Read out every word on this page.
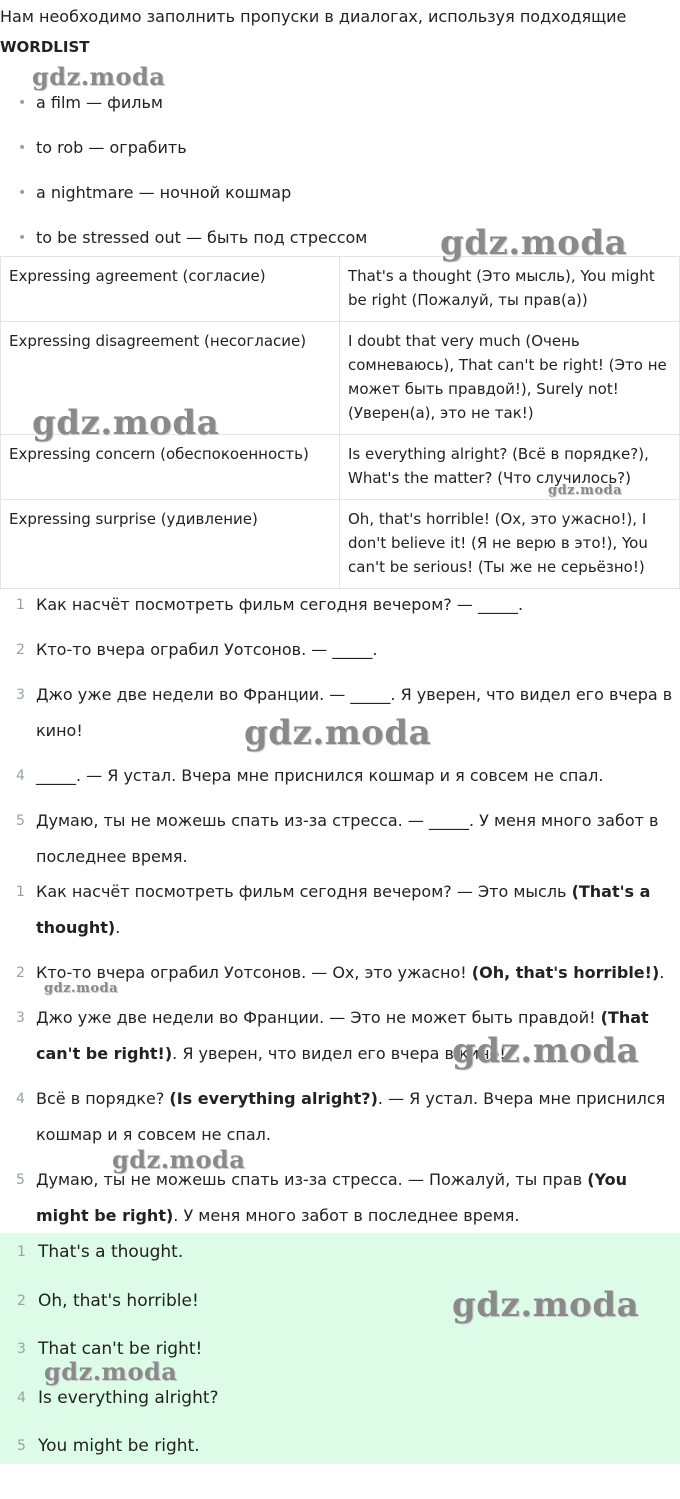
Нам необходимо заполнить пропуски в диалогах, используя подходящие
WORDLIST
• a film — фильм
• to rob — ограбить
• a nightmare — ночной кошмар
• to be stressed out — быть под стрессом
Expressing agreement (согласие)	That's a thought (Это мысль), You might be right (Пожалуй, ты прав(а))
Expressing disagreement (несогласие)	I doubt that very much (Очень сомневаюсь), That can't be right! (Это не может быть правдой!), Surely not! (Уверен(а), это не так!)
Expressing concern (обеспокоенность)	Is everything alright? (Всё в порядке?), What's the matter? (Что случилось?)
Expressing surprise (удивление)	Oh, that's horrible! (Ох, это ужасно!), I don't believe it! (Я не верю в это!), You can't be serious! (Ты же не серьёзно!)
1 Как насчёт посмотреть фильм сегодня вечером? — _____.
2 Кто-то вчера ограбил Уотсонов. — _____.
3 Джо уже две недели во Франции. — _____. Я уверен, что видел его вчера в кино!
4 _____. — Я устал. Вчера мне приснился кошмар и я совсем не спал.
5 Думаю, ты не можешь спать из-за стресса. — _____. У меня много забот в последнее время.
1 Как насчёт посмотреть фильм сегодня вечером? — Это мысль (That's a thought).
2 Кто-то вчера ограбил Уотсонов. — Ох, это ужасно! (Oh, that's horrible!).
3 Джо уже две недели во Франции. — Это не может быть правдой! (That can't be right!). Я уверен, что видел его вчера в кино!
4 Всё в порядке? (Is everything alright?). — Я устал. Вчера мне приснился кошмар и я совсем не спал.
5 Думаю, ты не можешь спать из-за стресса. — Пожалуй, ты прав (You might be right). У меня много забот в последнее время.
1 That's a thought.
2 Oh, that's horrible!
3 That can't be right!
4 Is everything alright?
5 You might be right.
gdz.moda
gdz.moda
gdz.moda
gdz.moda
gdz.moda
gdz.moda
gdz.moda
gdz.moda
gdz.moda
gdz.moda
